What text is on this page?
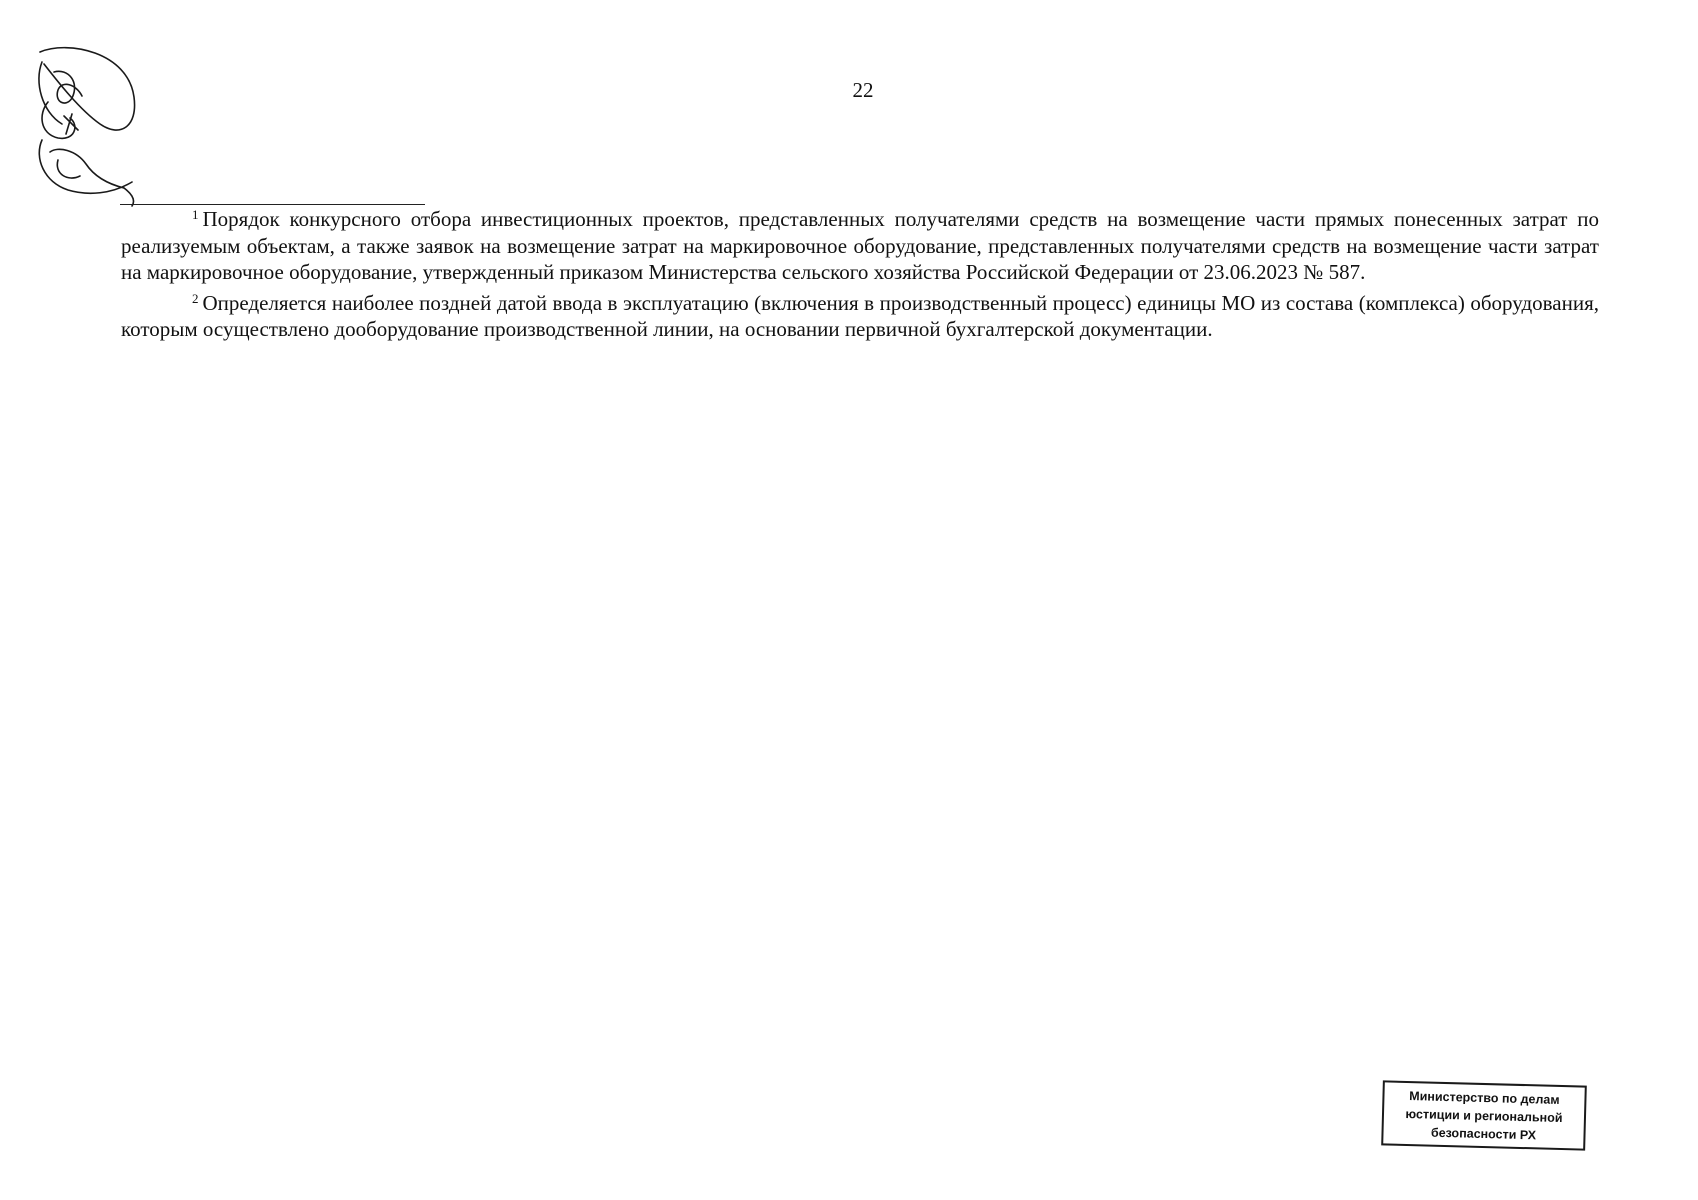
22

$^1$ Порядок конкурсного отбора инвестиционных проектов, представленных получателями средств на возмещение части прямых понесенных затрат по реализуемым объектам, а также заявок на возмещение затрат на маркировочное оборудование, представленных получателями средств на возмещение части затрат на маркировочное оборудование, утвержденный приказом Министерства сельского хозяйства Российской Федерации от 23.06.2023 № 587.

$^2$ Определяется наиболее поздней датой ввода в эксплуатацию (включения в производственный процесс) единицы МО из состава (комплекса) оборудования, которым осуществлено дооборудование производственной линии, на основании первичной бухгалтерской документации.

Министерство по делам
юстиции и региональной
безопасности РХ
